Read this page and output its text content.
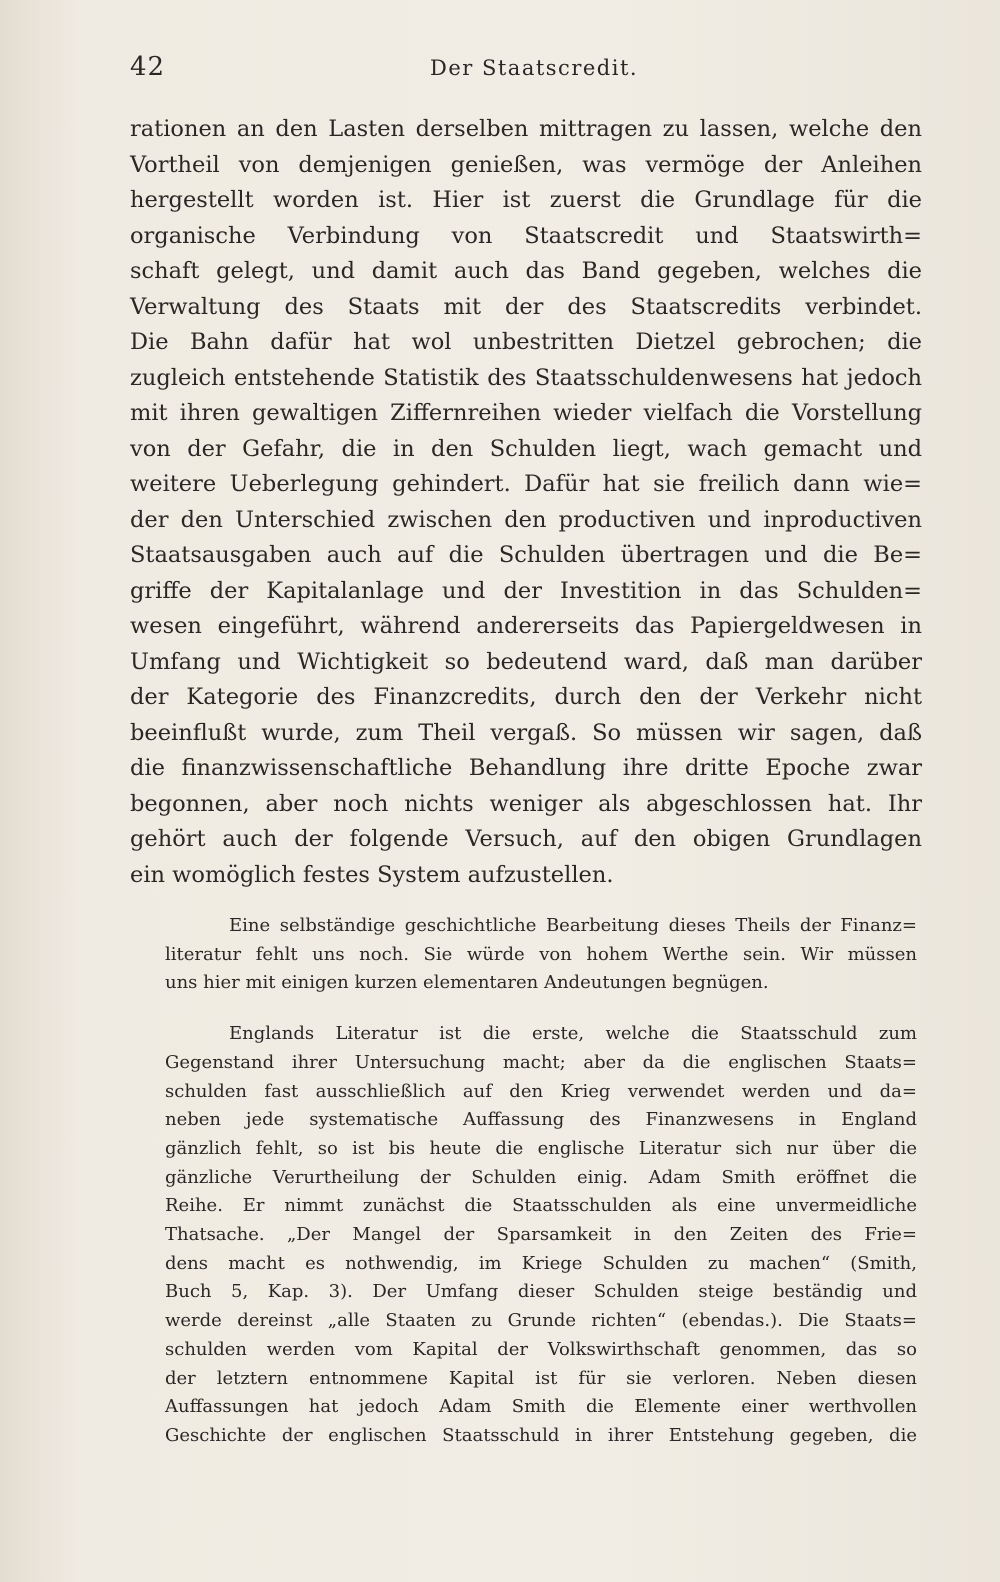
42	Der Staatscredit.
rationen an den Lasten derselben mittragen zu lassen, welche den
Vortheil von demjenigen genießen, was vermöge der Anleihen
hergestellt worden ist. Hier ist zuerst die Grundlage für die
organische Verbindung von Staatscredit und Staatswirth=
schaft gelegt, und damit auch das Band gegeben, welches die
Verwaltung des Staats mit der des Staatscredits verbindet.
Die Bahn dafür hat wol unbestritten Dietzel gebrochen; die
zugleich entstehende Statistik des Staatsschuldenwesens hat jedoch
mit ihren gewaltigen Ziffernreihen wieder vielfach die Vorstellung
von der Gefahr, die in den Schulden liegt, wach gemacht und
weitere Ueberlegung gehindert. Dafür hat sie freilich dann wie=
der den Unterschied zwischen den productiven und inproductiven
Staatsausgaben auch auf die Schulden übertragen und die Be=
griffe der Kapitalanlage und der Investition in das Schulden=
wesen eingeführt, während andererseits das Papiergeldwesen in
Umfang und Wichtigkeit so bedeutend ward, daß man darüber
der Kategorie des Finanzcredits, durch den der Verkehr nicht
beeinflußt wurde, zum Theil vergaß. So müssen wir sagen, daß
die finanzwissenschaftliche Behandlung ihre dritte Epoche zwar
begonnen, aber noch nichts weniger als abgeschlossen hat. Ihr
gehört auch der folgende Versuch, auf den obigen Grundlagen
ein womöglich festes System aufzustellen.

Eine selbständige geschichtliche Bearbeitung dieses Theils der Finanz=
literatur fehlt uns noch. Sie würde von hohem Werthe sein. Wir müssen
uns hier mit einigen kurzen elementaren Andeutungen begnügen.

Englands Literatur ist die erste, welche die Staatsschuld zum
Gegenstand ihrer Untersuchung macht; aber da die englischen Staats=
schulden fast ausschließlich auf den Krieg verwendet werden und da=
neben jede systematische Auffassung des Finanzwesens in England
gänzlich fehlt, so ist bis heute die englische Literatur sich nur über die
gänzliche Verurtheilung der Schulden einig. Adam Smith eröffnet die
Reihe. Er nimmt zunächst die Staatsschulden als eine unvermeidliche
Thatsache. „Der Mangel der Sparsamkeit in den Zeiten des Frie=
dens macht es nothwendig, im Kriege Schulden zu machen“ (Smith,
Buch 5, Kap. 3). Der Umfang dieser Schulden steige beständig und
werde dereinst „alle Staaten zu Grunde richten“ (ebendas.). Die Staats=
schulden werden vom Kapital der Volkswirthschaft genommen, das so
der letztern entnommene Kapital ist für sie verloren. Neben diesen
Auffassungen hat jedoch Adam Smith die Elemente einer werthvollen
Geschichte der englischen Staatsschuld in ihrer Entstehung gegeben, die
